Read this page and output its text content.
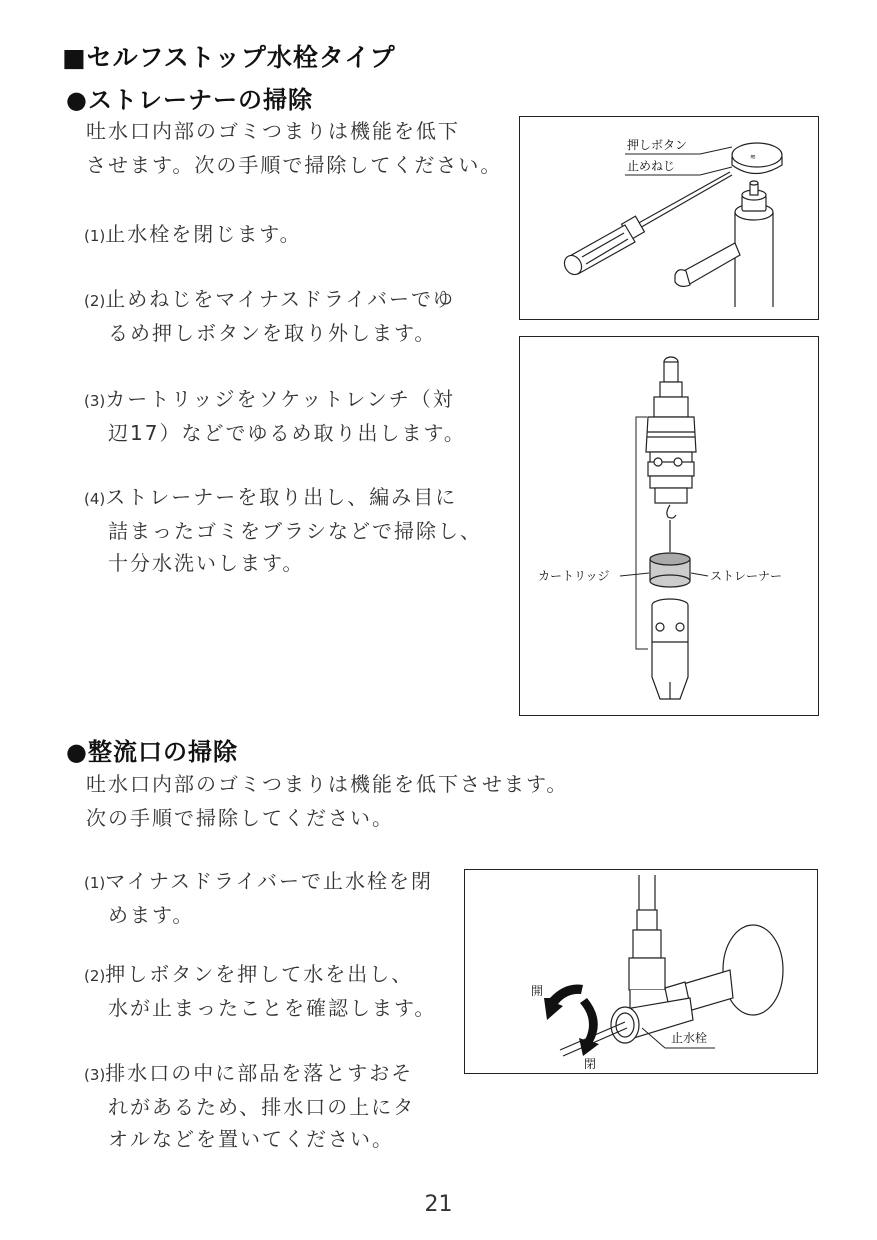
■セルフストップ水栓タイプ
●ストレーナーの掃除
吐水口内部のゴミつまりは機能を低下
させます。次の手順で掃除してください。
(1)止水栓を閉じます。
(2)止めねじをマイナスドライバーでゆ
るめ押しボタンを取り外します。
(3)カートリッジをソケットレンチ（対
辺17）などでゆるめ取り出します。
(4)ストレーナーを取り出し、編み目に
詰まったゴミをブラシなどで掃除し、
十分水洗いします。
≋
押しボタン
止めねじ
カートリッジ	ストレーナー
●整流口の掃除
吐水口内部のゴミつまりは機能を低下させます。
次の手順で掃除してください。
(1)マイナスドライバーで止水栓を閉
めます。
(2)押しボタンを押して水を出し、
水が止まったことを確認します。
(3)排水口の中に部品を落とすおそ
れがあるため、排水口の上にタ
オルなどを置いてください。
開
閉
止水栓
21
